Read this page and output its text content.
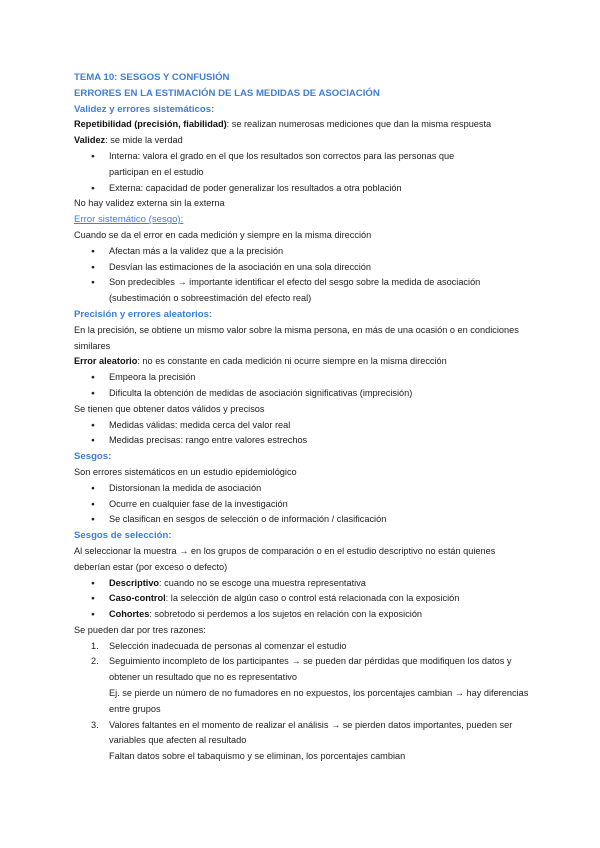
TEMA 10: SESGOS Y CONFUSIÓN

ERRORES EN LA ESTIMACIÓN DE LAS MEDIDAS DE ASOCIACIÓN

Validez y errores sistemáticos:

Repetibilidad (precisión, fiabilidad): se realizan numerosas mediciones que dan la misma respuesta

Validez: se mide la verdad

● Interna: valora el grado en el que los resultados son correctos para las personas que participan en el estudio
● Externa: capacidad de poder generalizar los resultados a otra población

No hay validez externa sin la externa

Error sistemático (sesgo):

Cuando se da el error en cada medición y siempre en la misma dirección

● Afectan más a la validez que a la precisión
● Desvían las estimaciones de la asociación en una sola dirección
● Son predecibles → importante identificar el efecto del sesgo sobre la medida de asociación (subestimación o sobreestimación del efecto real)

Precisión y errores aleatorios:

En la precisión, se obtiene un mismo valor sobre la misma persona, en más de una ocasión o en condiciones similares

Error aleatorio: no es constante en cada medición ni ocurre siempre en la misma dirección

● Empeora la precisión
● Dificulta la obtención de medidas de asociación significativas (imprecisión)

Se tienen que obtener datos válidos y precisos

● Medidas válidas: medida cerca del valor real
● Medidas precisas: rango entre valores estrechos

Sesgos:

Son errores sistemáticos en un estudio epidemiológico

● Distorsionan la medida de asociación
● Ocurre en cualquier fase de la investigación
● Se clasifican en sesgos de selección o de información / clasificación

Sesgos de selección:

Al seleccionar la muestra → en los grupos de comparación o en el estudio descriptivo no están quienes deberían estar (por exceso o defecto)

● Descriptivo: cuando no se escoge una muestra representativa
● Caso-control: la selección de algún caso o control está relacionada con la exposición
● Cohortes: sobretodo si perdemos a los sujetos en relación con la exposición

Se pueden dar por tres razones:

1. Selección inadecuada de personas al comenzar el estudio
2. Seguimiento incompleto de los participantes → se pueden dar pérdidas que modifiquen los datos y obtener un resultado que no es representativo
Ej. se pierde un número de no fumadores en no expuestos, los porcentajes cambian → hay diferencias entre grupos
3. Valores faltantes en el momento de realizar el análisis → se pierden datos importantes, pueden ser variables que afecten al resultado
Faltan datos sobre el tabaquismo y se eliminan, los porcentajes cambian
